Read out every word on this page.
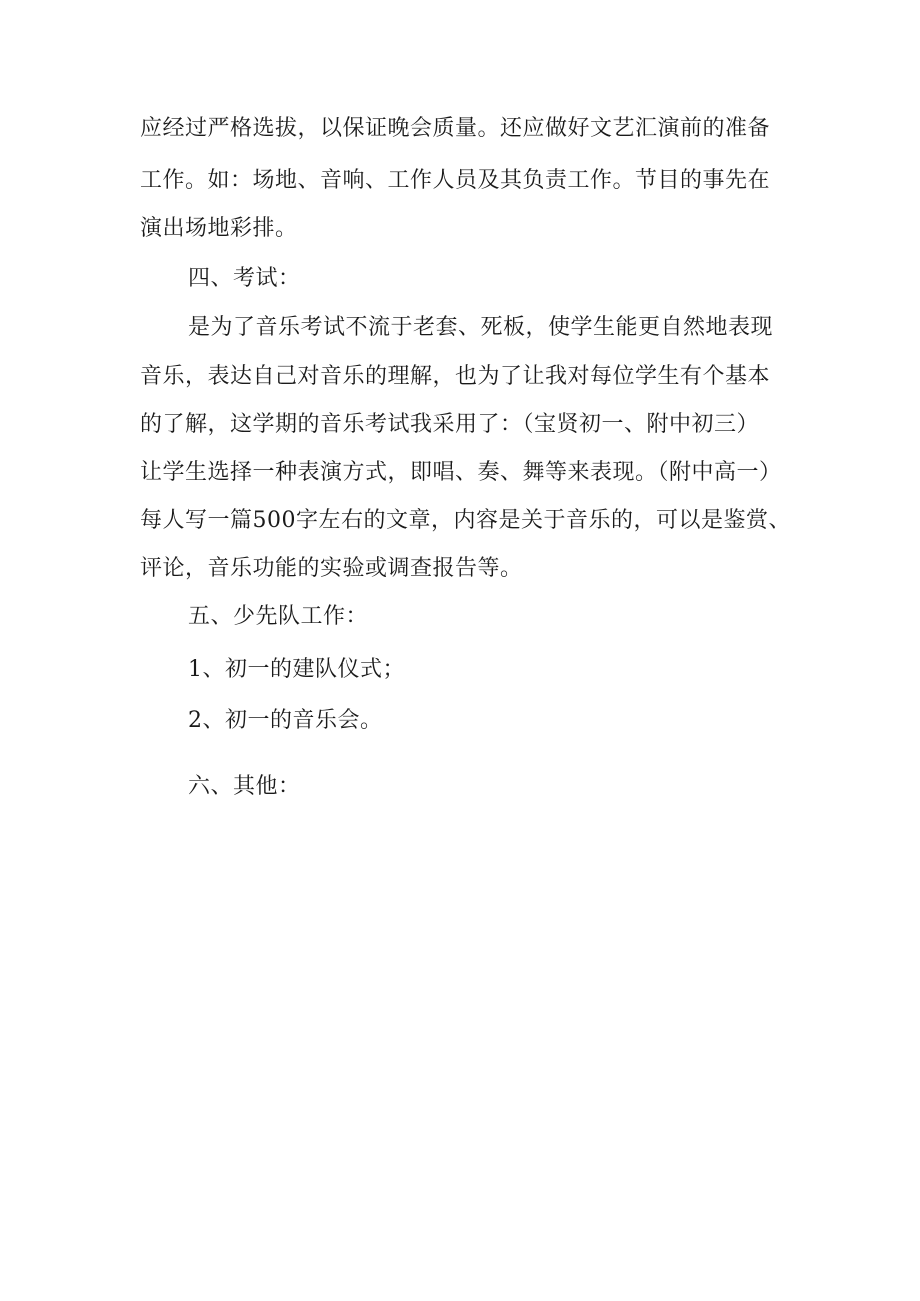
应经过严格选拔，以保证晚会质量。还应做好文艺汇演前的准备
工作。如：场地、音响、工作人员及其负责工作。节目的事先在
演出场地彩排。
四、考试：
是为了音乐考试不流于老套、死板，使学生能更自然地表现
音乐，表达自己对音乐的理解，也为了让我对每位学生有个基本
的了解，这学期的音乐考试我采用了：（宝贤初一、附中初三）
让学生选择一种表演方式，即唱、奏、舞等来表现。（附中高一）
每人写一篇500字左右的文章，内容是关于音乐的，可以是鉴赏、
评论，音乐功能的实验或调查报告等。
五、少先队工作：
1、初一的建队仪式；
2、初一的音乐会。
六、其他：
